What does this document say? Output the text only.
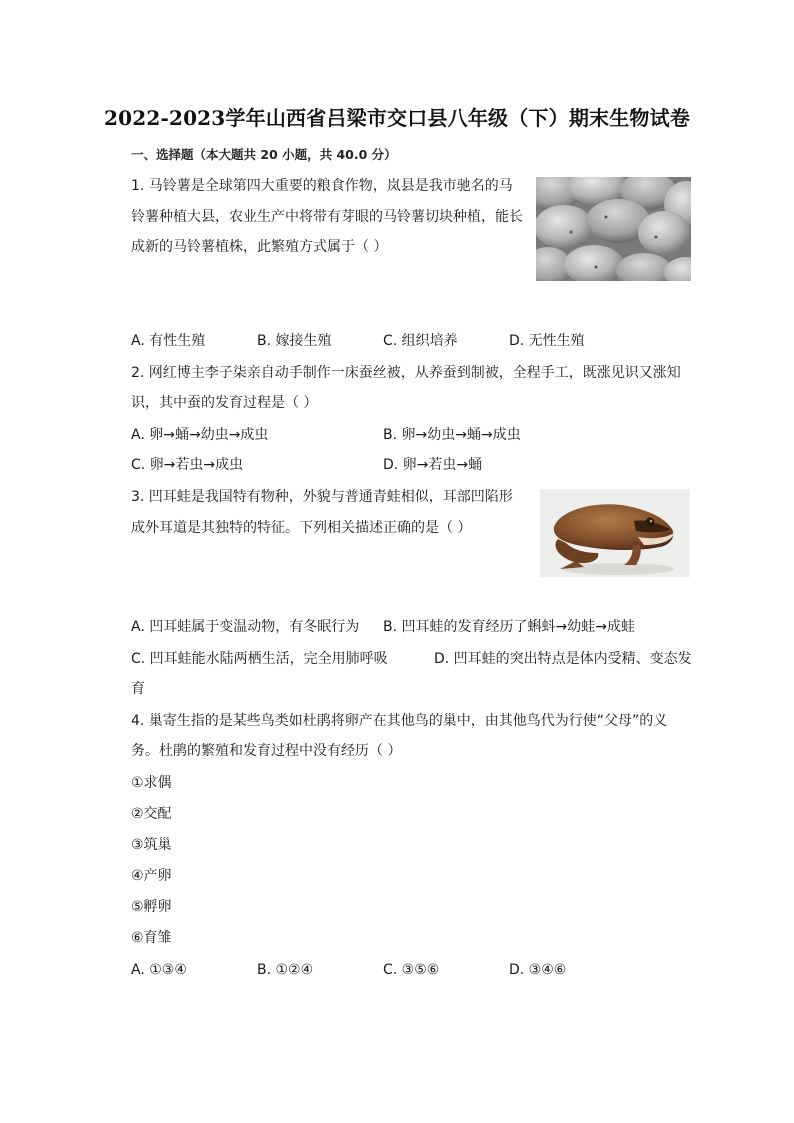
2022-2023学年山西省吕梁市交口县八年级（下）期末生物试卷
一、选择题（本大题共 20 小题，共 40.0 分）
1. 马铃薯是全球第四大重要的粮食作物，岚县是我市驰名的马
铃薯种植大县，农业生产中将带有芽眼的马铃薯切块种植，能长
成新的马铃薯植株，此繁殖方式属于（ ）
A. 有性生殖	B. 嫁接生殖	C. 组织培养	D. 无性生殖
2. 网红博主李子柒亲自动手制作一床蚕丝被，从养蚕到制被，全程手工，既涨见识又涨知
识，其中蚕的发育过程是（ ）
A. 卵→蛹→幼虫→成虫	B. 卵→幼虫→蛹→成虫
C. 卵→若虫→成虫	D. 卵→若虫→蛹
3. 凹耳蛙是我国特有物种，外貌与普通青蛙相似，耳部凹陷形
成外耳道是其独特的特征。下列相关描述正确的是（ ）
A. 凹耳蛙属于变温动物，有冬眠行为 B. 凹耳蛙的发育经历了蝌蚪→幼蛙→成蛙
C. 凹耳蛙能水陆两栖生活，完全用肺呼吸	D. 凹耳蛙的突出特点是体内受精、变态发
育
4. 巢寄生指的是某些鸟类如杜鹃将卵产在其他鸟的巢中，由其他鸟代为行使“父母”的义
务。杜鹃的繁殖和发育过程中没有经历（ ）
①求偶
②交配
③筑巢
④产卵
⑤孵卵
⑥育雏
A. ①③④	B. ①②④	C. ③⑤⑥	D. ③④⑥
